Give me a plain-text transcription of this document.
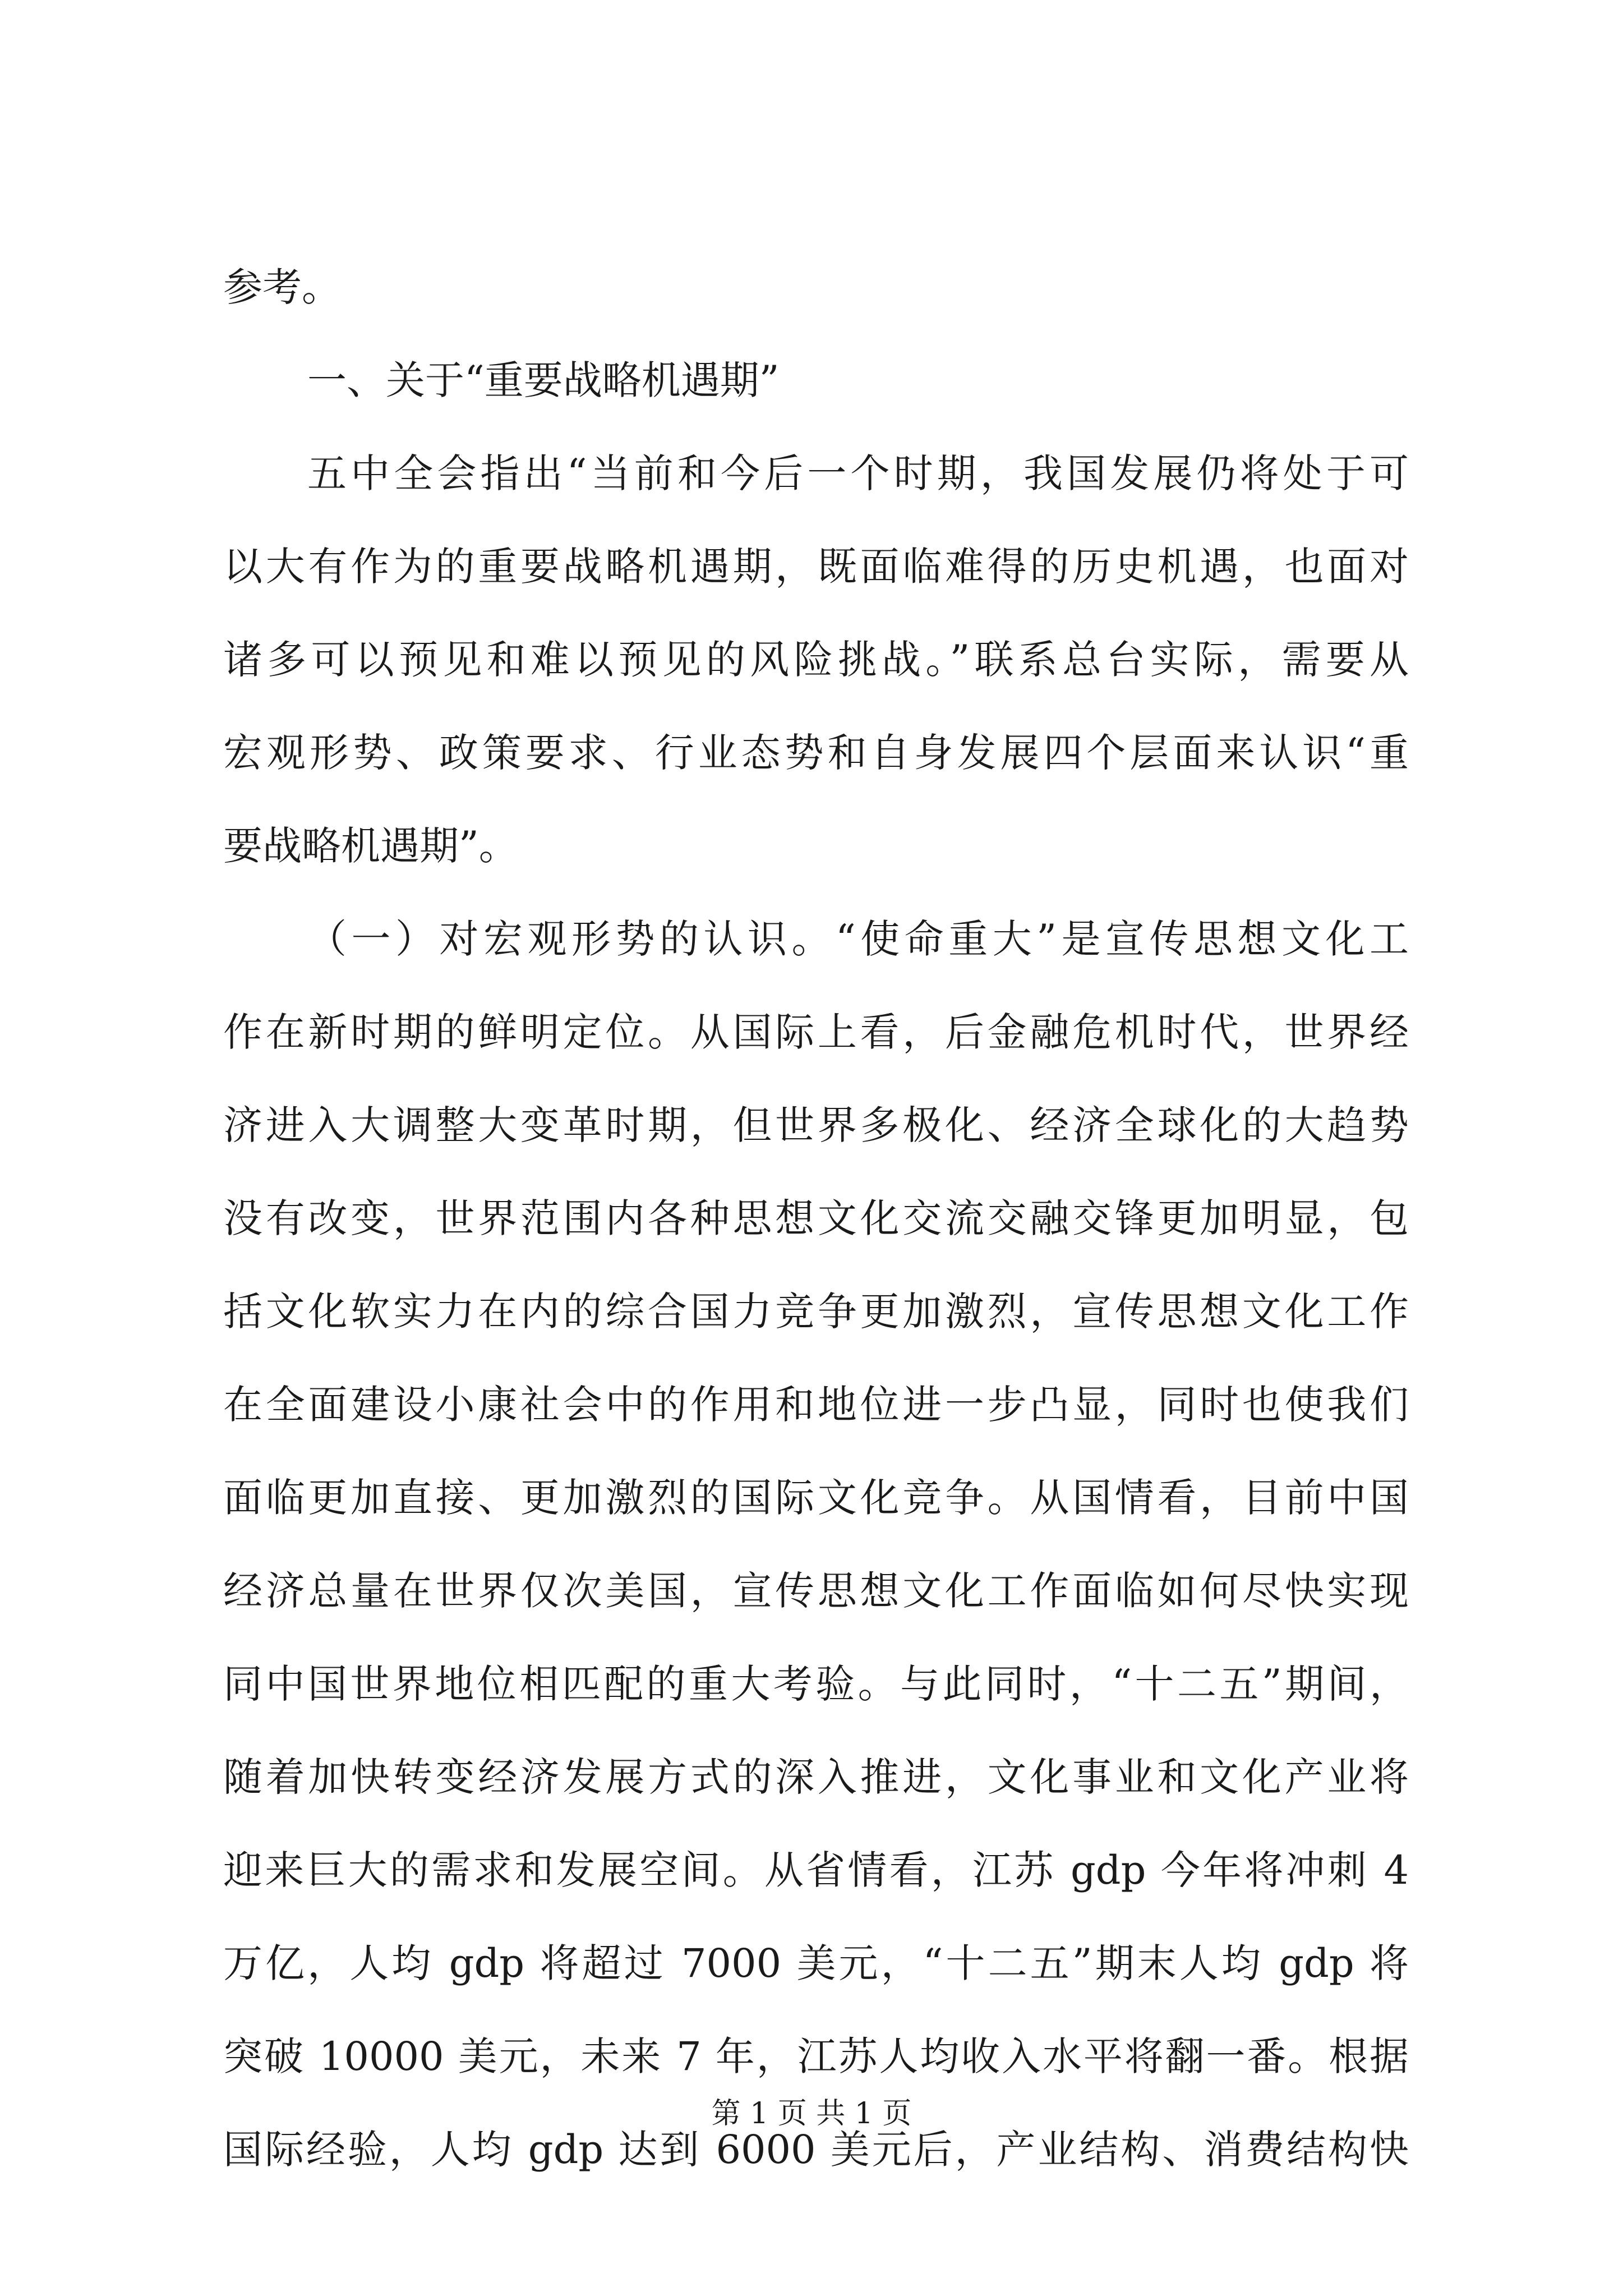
参考。
一、关于“重要战略机遇期”
五中全会指出“当前和今后一个时期，我国发展仍将处于可
以大有作为的重要战略机遇期，既面临难得的历史机遇，也面对
诸多可以预见和难以预见的风险挑战。”联系总台实际，需要从
宏观形势、政策要求、行业态势和自身发展四个层面来认识“重
要战略机遇期”。
（一）对宏观形势的认识。“使命重大”是宣传思想文化工
作在新时期的鲜明定位。从国际上看，后金融危机时代，世界经
济进入大调整大变革时期，但世界多极化、经济全球化的大趋势
没有改变，世界范围内各种思想文化交流交融交锋更加明显，包
括文化软实力在内的综合国力竞争更加激烈，宣传思想文化工作
在全面建设小康社会中的作用和地位进一步凸显，同时也使我们
面临更加直接、更加激烈的国际文化竞争。从国情看，目前中国
经济总量在世界仅次美国，宣传思想文化工作面临如何尽快实现
同中国世界地位相匹配的重大考验。与此同时，“十二五”期间，
随着加快转变经济发展方式的深入推进，文化事业和文化产业将
迎来巨大的需求和发展空间。从省情看，江苏 gdp 今年将冲刺 4
万亿，人均 gdp 将超过 7000 美元，“十二五”期末人均 gdp 将
突破 10000 美元，未来 7 年，江苏人均收入水平将翻一番。根据
国际经验，人均 gdp 达到 6000 美元后，产业结构、消费结构快
第 1 页 共 1 页
